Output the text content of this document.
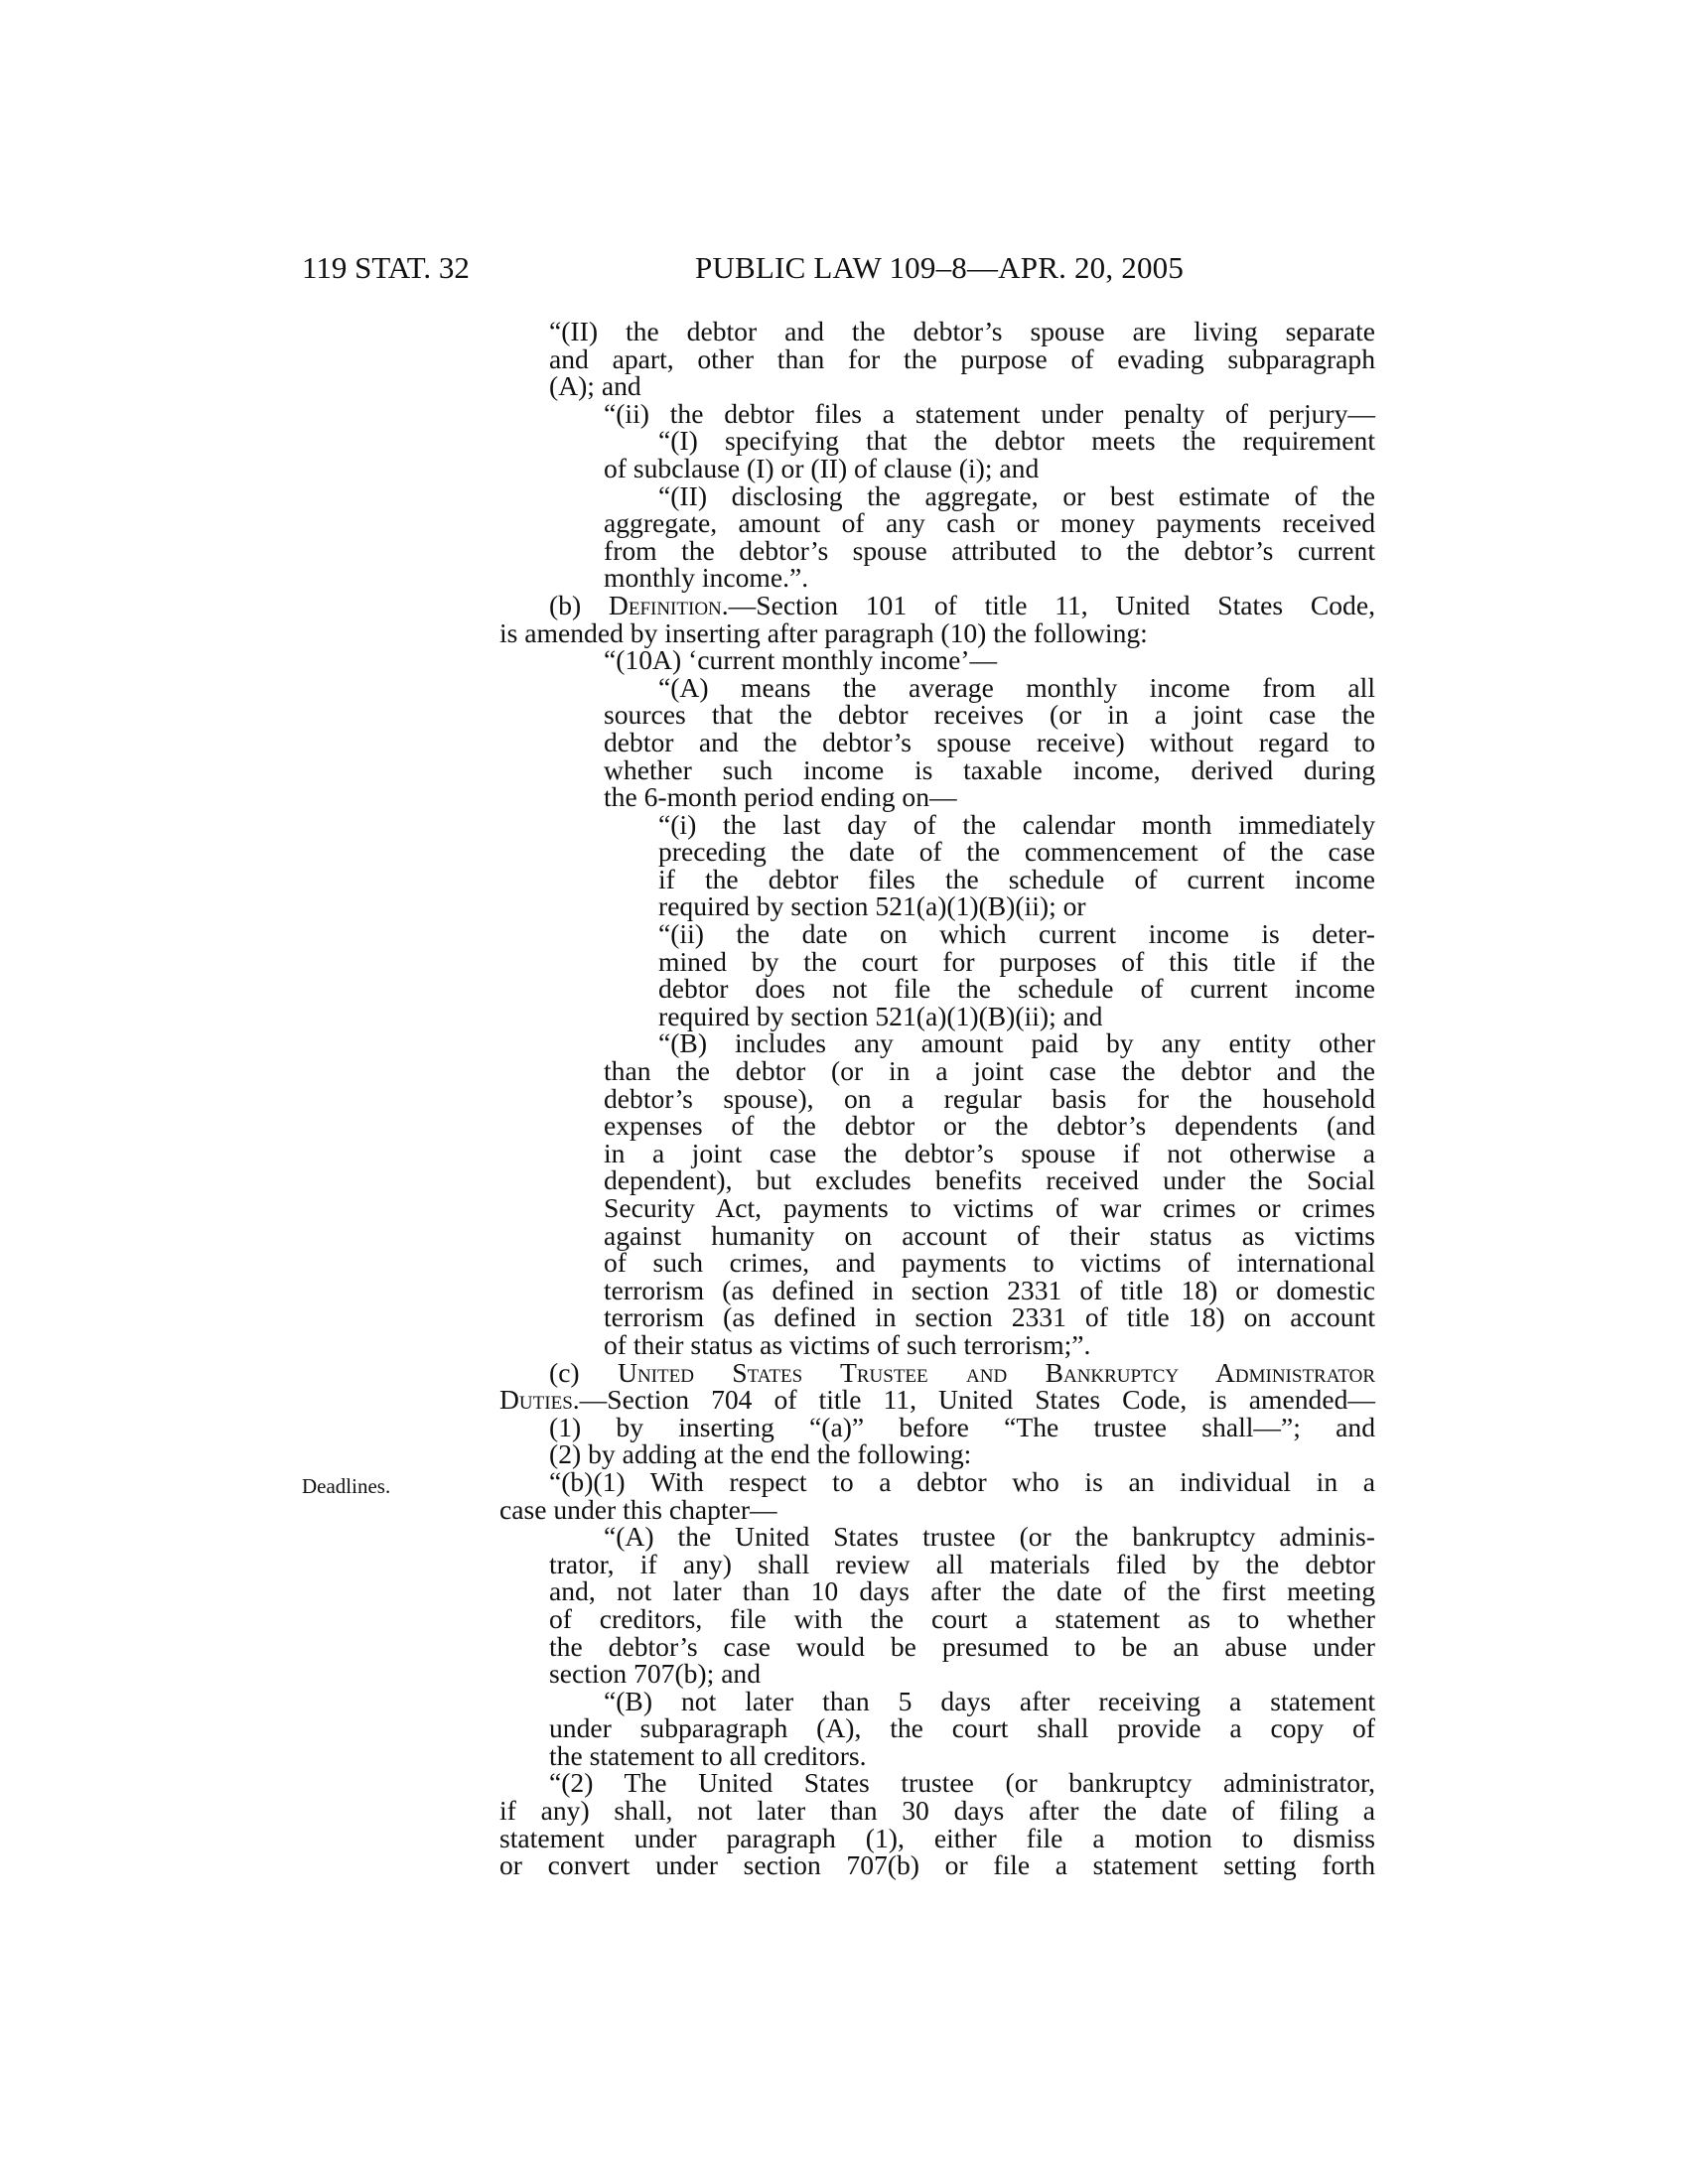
119 STAT. 32	PUBLIC LAW 109–8—APR. 20, 2005
Deadlines.
“(II) the debtor and the debtor’s spouse are living separate
and apart, other than for the purpose of evading subparagraph
(A); and
“(ii) the debtor files a statement under penalty of perjury—
“(I) specifying that the debtor meets the requirement
of subclause (I) or (II) of clause (i); and
“(II) disclosing the aggregate, or best estimate of the
aggregate, amount of any cash or money payments received
from the debtor’s spouse attributed to the debtor’s current
monthly income.”.
(b) Definition.—Section 101 of title 11, United States Code,
is amended by inserting after paragraph (10) the following:
“(10A) ‘current monthly income’—
“(A) means the average monthly income from all
sources that the debtor receives (or in a joint case the
debtor and the debtor’s spouse receive) without regard to
whether such income is taxable income, derived during
the 6-month period ending on—
“(i) the last day of the calendar month immediately
preceding the date of the commencement of the case
if the debtor files the schedule of current income
required by section 521(a)(1)(B)(ii); or
“(ii) the date on which current income is deter-
mined by the court for purposes of this title if the
debtor does not file the schedule of current income
required by section 521(a)(1)(B)(ii); and
“(B) includes any amount paid by any entity other
than the debtor (or in a joint case the debtor and the
debtor’s spouse), on a regular basis for the household
expenses of the debtor or the debtor’s dependents (and
in a joint case the debtor’s spouse if not otherwise a
dependent), but excludes benefits received under the Social
Security Act, payments to victims of war crimes or crimes
against humanity on account of their status as victims
of such crimes, and payments to victims of international
terrorism (as defined in section 2331 of title 18) or domestic
terrorism (as defined in section 2331 of title 18) on account
of their status as victims of such terrorism;”.
(c) United States Trustee and Bankruptcy Administrator
Duties.—Section 704 of title 11, United States Code, is amended—
(1) by inserting “(a)” before “The trustee shall—”; and
(2) by adding at the end the following:
“(b)(1) With respect to a debtor who is an individual in a
case under this chapter—
“(A) the United States trustee (or the bankruptcy adminis-
trator, if any) shall review all materials filed by the debtor
and, not later than 10 days after the date of the first meeting
of creditors, file with the court a statement as to whether
the debtor’s case would be presumed to be an abuse under
section 707(b); and
“(B) not later than 5 days after receiving a statement
under subparagraph (A), the court shall provide a copy of
the statement to all creditors.
“(2) The United States trustee (or bankruptcy administrator,
if any) shall, not later than 30 days after the date of filing a
statement under paragraph (1), either file a motion to dismiss
or convert under section 707(b) or file a statement setting forth
